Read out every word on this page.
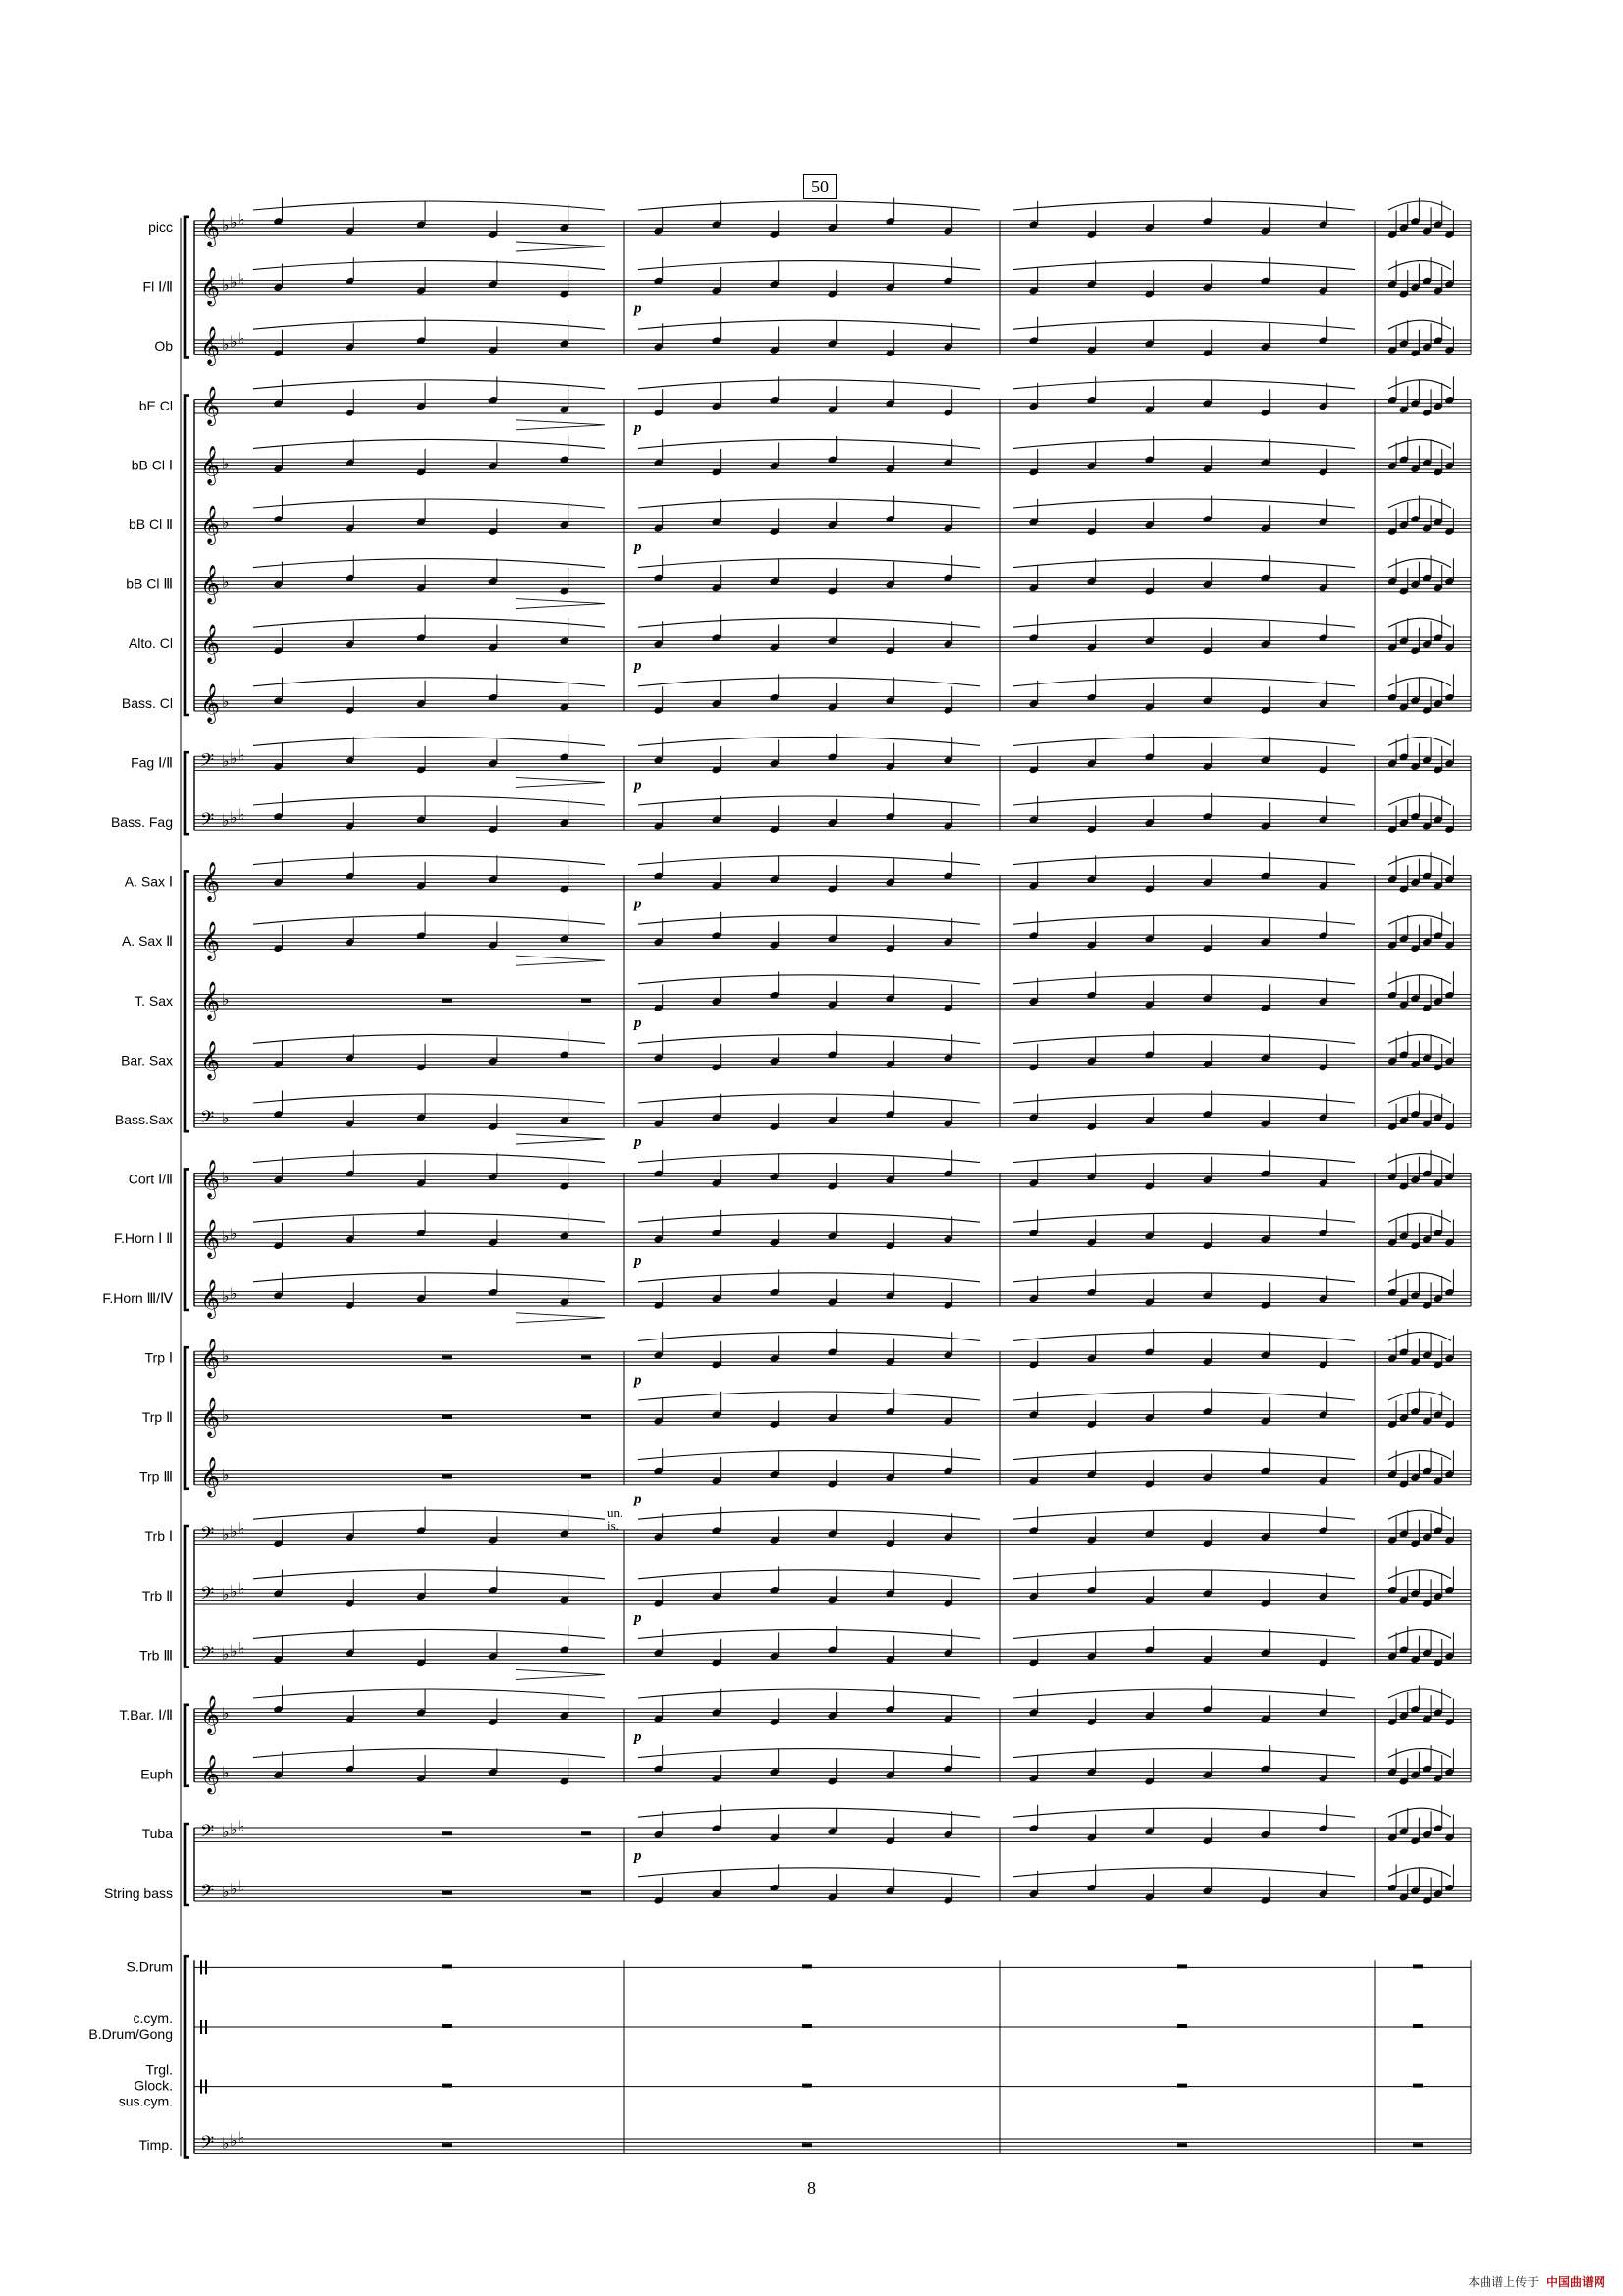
50
picc 𝄞 ♭ ♭ ♭
Fl Ⅰ/Ⅱ 𝄞 ♭ ♭ ♭
p
Ob 𝄞 ♭ ♭ ♭
bE Cl 𝄞
p
bB Cl Ⅰ 𝄞 ♭
bB Cl Ⅱ 𝄞 ♭
p
bB Cl Ⅲ 𝄞 ♭
Alto. Cl 𝄞
p
Bass. Cl 𝄞 ♭
Fag Ⅰ/Ⅱ 𝄢 ♭ ♭ ♭
p
Bass. Fag 𝄢 ♭ ♭ ♭
A. Sax Ⅰ 𝄞
p
A. Sax Ⅱ 𝄞
T. Sax 𝄞 ♭
p
Bar. Sax 𝄞
Bass.Sax 𝄢 ♭
p
Cort Ⅰ/Ⅱ 𝄞 ♭
F.Horn Ⅰ Ⅱ 𝄞 ♭ ♭
p
F.Horn Ⅲ/Ⅳ 𝄞 ♭ ♭
Trp Ⅰ 𝄞 ♭
p
Trp Ⅱ 𝄞 ♭
Trp Ⅲ 𝄞 ♭
p
Trb Ⅰ 𝄢 ♭ ♭ ♭
Trb Ⅱ 𝄢 ♭ ♭ ♭
p
Trb Ⅲ 𝄢 ♭ ♭ ♭
T.Bar. Ⅰ/Ⅱ 𝄞 ♭
p
Euph 𝄞 ♭
Tuba 𝄢 ♭ ♭ ♭
p
String bass 𝄢 ♭ ♭ ♭
S.Drum
c.cym. B.Drum/Gong
Trgl. Glock. sus.cym.
Timp. 𝄢 ♭ ♭ ♭
un. is.
8
本曲谱上传于 中国曲谱网
